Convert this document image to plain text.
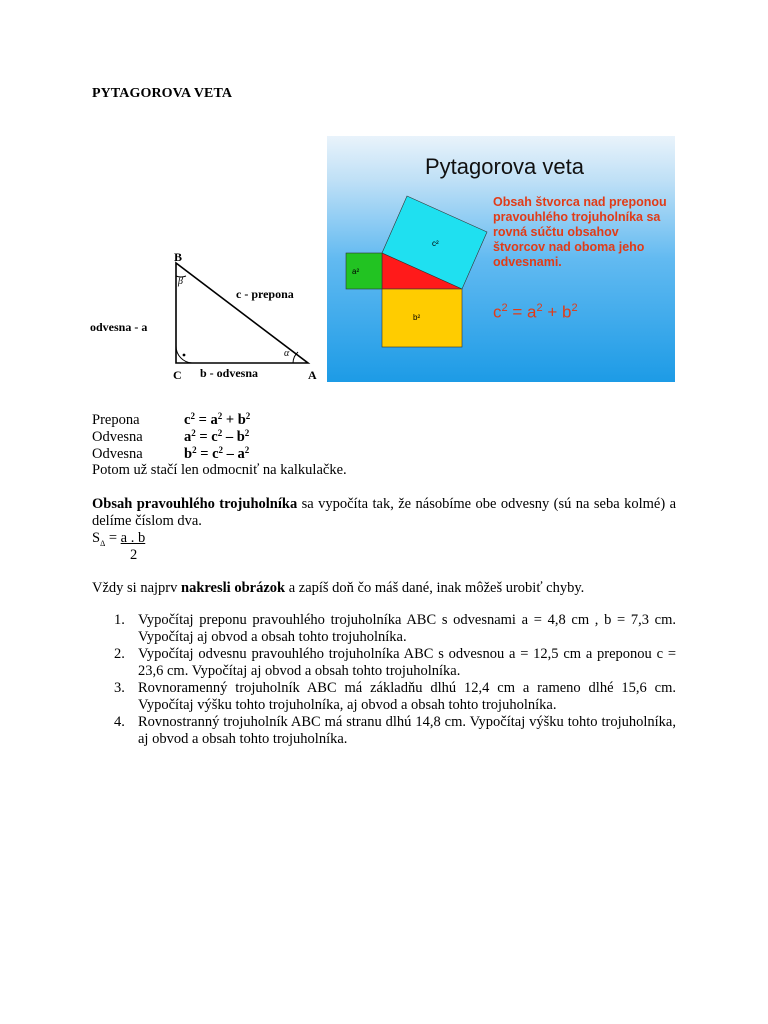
PYTAGOROVA VETA
B
β
c - prepona
odvesna - a
α
C b - odvesna	A
Pytagorova veta
a²
b²
c²
Obsah štvorca nad preponou pravouhlého trojuholníka sa rovná súčtu obsahov štvorcov nad oboma jeho odvesnami.
$c^2 = a^2 + b^2$
Prepona	$c^2 = a^2 + b^2$
Odvesna	$a^2 = c^2 - b^2$
Odvesna	$b^2 = c^2 - a^2$
Potom už stačí len odmocniť na kalkulačke.
Obsah pravouhlého trojuholníka sa vypočíta tak, že násobíme obe odvesny (sú na seba kolmé) a delíme číslom dva.
$S_\Delta = a$ . b
2
Vždy si najprv nakresli obrázok a zapíš doň čo máš dané, inak môžeš urobiť chyby.
1. Vypočítaj preponu pravouhlého trojuholníka ABC s odvesnami a = 4,8 cm , b = 7,3 cm. Vypočítaj aj obvod a obsah tohto trojuholníka.
2. Vypočítaj odvesnu pravouhlého trojuholníka ABC s odvesnou a = 12,5 cm a preponou c = 23,6 cm. Vypočítaj aj obvod a obsah tohto trojuholníka.
3. Rovnoramenný trojuholník ABC má základňu dlhú 12,4 cm a rameno dlhé 15,6 cm. Vypočítaj výšku tohto trojuholníka, aj obvod a obsah tohto trojuholníka.
4. Rovnostranný trojuholník ABC má stranu dlhú 14,8 cm. Vypočítaj výšku tohto trojuholníka, aj obvod a obsah tohto trojuholníka.
